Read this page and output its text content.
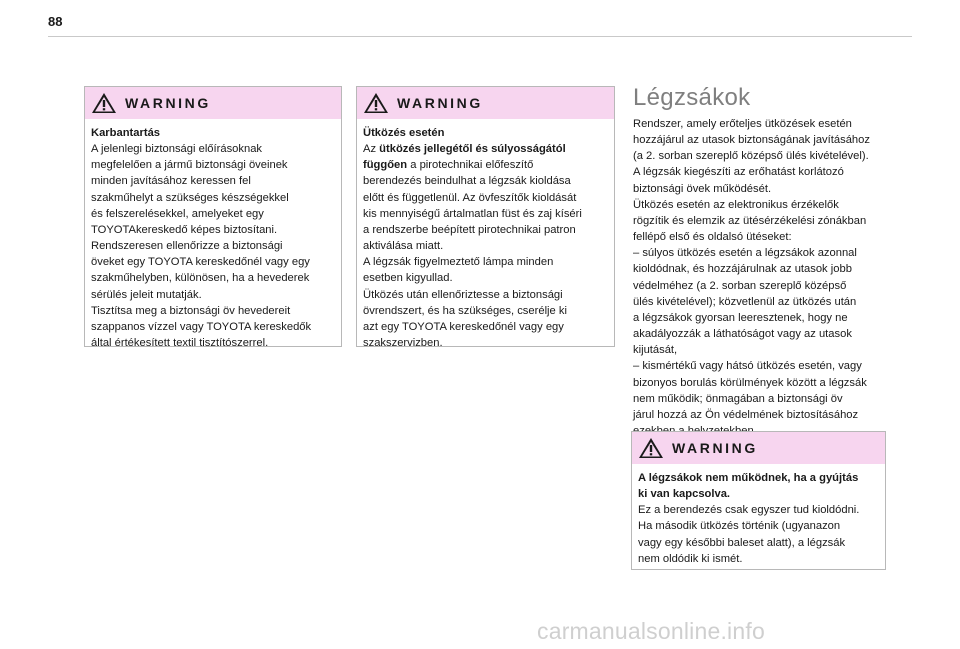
88
WARNING

Karbantartás

A jelenlegi biztonsági előírásoknak

megfelelően a jármű biztonsági öveinek

minden javításához keressen fel

szakműhelyt a szükséges készségekkel

és felszerelésekkel, amelyeket egy

TOYOTAkereskedő képes biztosítani.

Rendszeresen ellenőrizze a biztonsági

öveket egy TOYOTA kereskedőnél vagy egy

szakműhelyben, különösen, ha a hevederek

sérülés jeleit mutatják.

Tisztítsa meg a biztonsági öv hevedereit

szappanos vízzel vagy TOYOTA kereskedők

által értékesített textil tisztítószerrel.

WARNING

Ütközés esetén

Az ütközés jellegétől és súlyosságától

függően a pirotechnikai előfeszítő

berendezés beindulhat a légzsák kioldása

előtt és függetlenül. Az övfeszítők kioldását

kis mennyiségű ártalmatlan füst és zaj kíséri

a rendszerbe beépített pirotechnikai patron

aktiválása miatt.

A légzsák figyelmeztető lámpa minden

esetben kigyullad.

Ütközés után ellenőriztesse a biztonsági

övrendszert, és ha szükséges, cserélje ki

azt egy TOYOTA kereskedőnél vagy egy

szakszervizben.

Légzsákok

Rendszer, amely erőteljes ütközések esetén

hozzájárul az utasok biztonságának javításához

(a 2. sorban szereplő középső ülés kivételével).

A légzsák kiegészíti az erőhatást korlátozó

biztonsági övek működését.

Ütközés esetén az elektronikus érzékelők

rögzítik és elemzik az ütésérzékelési zónákban

fellépő első és oldalsó ütéseket:

– súlyos ütközés esetén a légzsákok azonnal

kioldódnak, és hozzájárulnak az utasok jobb

védelméhez (a 2. sorban szereplő középső

ülés kivételével); közvetlenül az ütközés után

a légzsákok gyorsan leeresztenek, hogy ne

akadályozzák a láthatóságot vagy az utasok

kijutását,

– kismértékű vagy hátsó ütközés esetén, vagy

bizonyos borulás körülmények között a légzsák

nem működik; önmagában a biztonsági öv

járul hozzá az Ön védelmének biztosításához

WARNING

A légzsákok nem működnek, ha a gyújtás

ki van kapcsolva.

Ez a berendezés csak egyszer tud kioldódni.

Ha második ütközés történik (ugyanazon

vagy egy későbbi baleset alatt), a légzsák

nem oldódik ki ismét.

carmanualsonline.info
